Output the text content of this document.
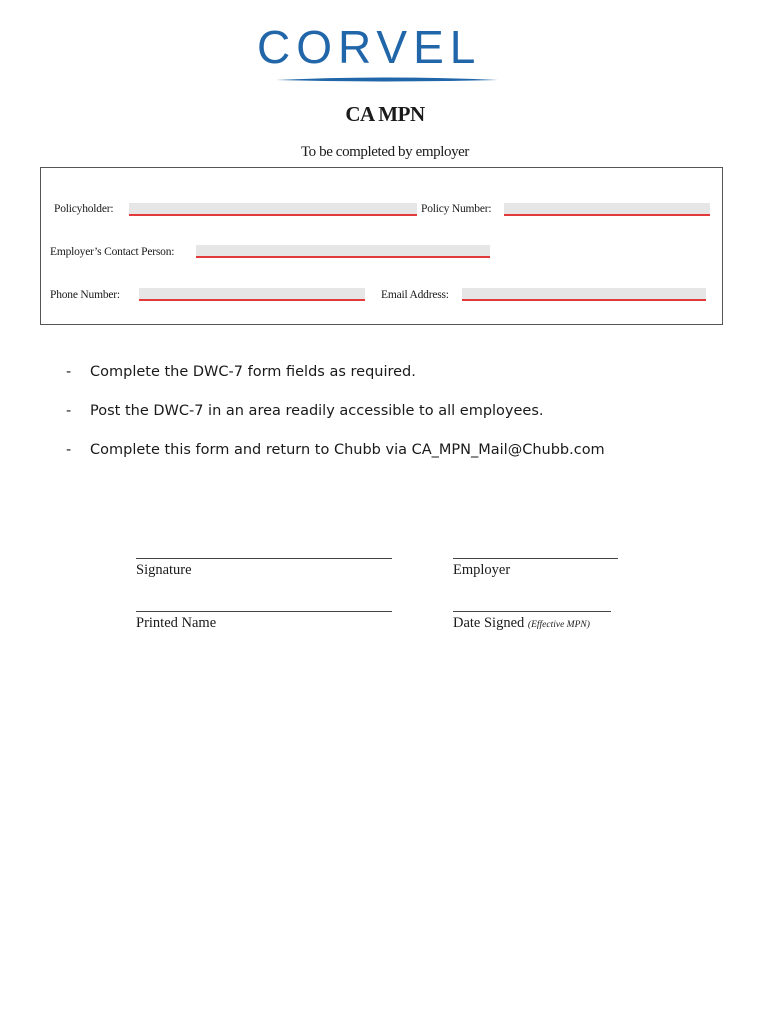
CORVEL
CA MPN
To be completed by employer
Policyholder:	Policy Number:
Employer’s Contact Person:
Phone Number:	Email Address:
- Complete the DWC-7 form fields as required.
- Post the DWC-7 in an area readily accessible to all employees.
- Complete this form and return to Chubb via CA_MPN_Mail@Chubb.com
Signature	Employer
Printed Name	Date Signed (Effective MPN)
